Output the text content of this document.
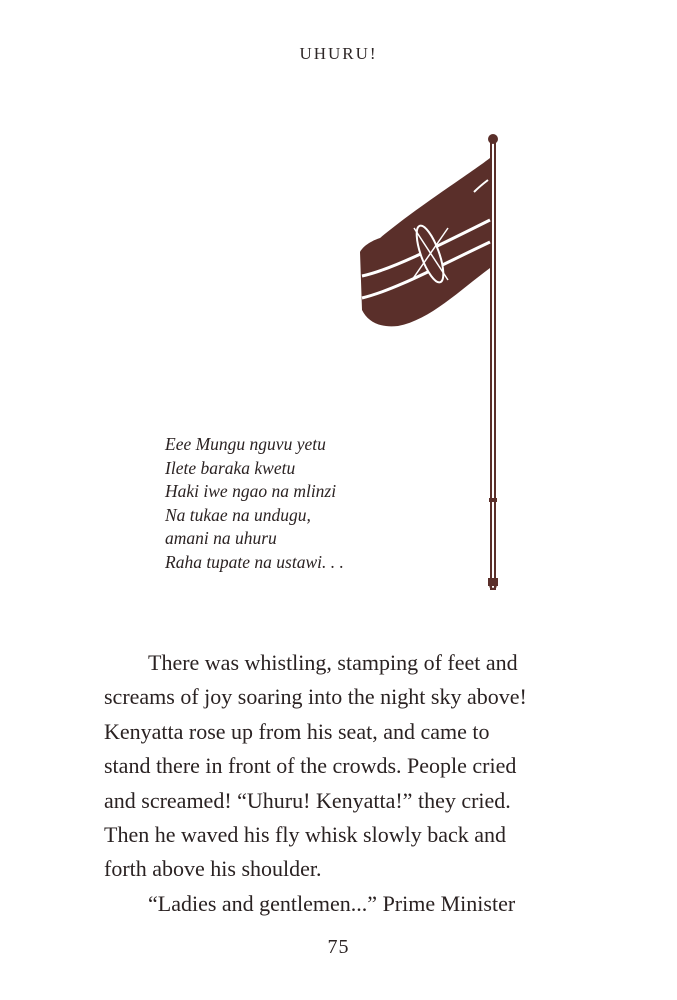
UHURU!
Eee Mungu nguvu yetu
Ilete baraka kwetu
Haki iwe ngao na mlinzi
Na tukae na undugu,
amani na uhuru
Raha tupate na ustawi. . .
There was whistling, stamping of feet and
screams of joy soaring into the night sky above!
Kenyatta rose up from his seat, and came to
stand there in front of the crowds. People cried
and screamed! “Uhuru! Kenyatta!” they cried.
Then he waved his fly whisk slowly back and
forth above his shoulder.
“Ladies and gentlemen...” Prime Minister
75
